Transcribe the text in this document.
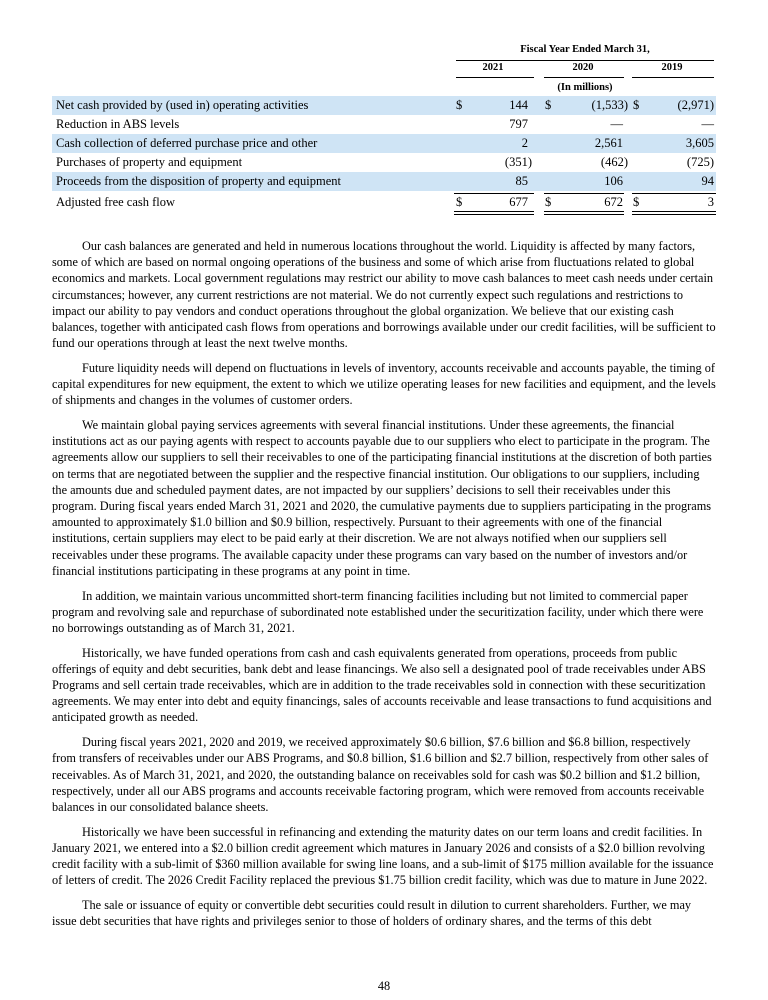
Fiscal Year Ended March 31,
2021	2020	2019
(In millions)
Net cash provided by (used in) operating activities	$	144 $	(1,533) $	(2,971)
Reduction in ABS levels	797	—	—
Cash collection of deferred purchase price and other	2	2,561	3,605
Purchases of property and equipment	(351)	(462)	(725)
Proceeds from the disposition of property and equipment	85	106	94
Adjusted free cash flow	$	677 $	672 $	3

Our cash balances are generated and held in numerous locations throughout the world. Liquidity is affected by many factors, some of which are based on normal ongoing operations of the business and some of which arise from fluctuations related to global economics and markets. Local government regulations may restrict our ability to move cash balances to meet cash needs under certain circumstances; however, any current restrictions are not material. We do not currently expect such regulations and restrictions to impact our ability to pay vendors and conduct operations throughout the global organization. We believe that our existing cash balances, together with anticipated cash flows from operations and borrowings available under our credit facilities, will be sufficient to fund our operations through at least the next twelve months.

Future liquidity needs will depend on fluctuations in levels of inventory, accounts receivable and accounts payable, the timing of capital expenditures for new equipment, the extent to which we utilize operating leases for new facilities and equipment, and the levels of shipments and changes in the volumes of customer orders.

We maintain global paying services agreements with several financial institutions. Under these agreements, the financial institutions act as our paying agents with respect to accounts payable due to our suppliers who elect to participate in the program. The agreements allow our suppliers to sell their receivables to one of the participating financial institutions at the discretion of both parties on terms that are negotiated between the supplier and the respective financial institution. Our obligations to our suppliers, including the amounts due and scheduled payment dates, are not impacted by our suppliers’ decisions to sell their receivables under this program. During fiscal years ended March 31, 2021 and 2020, the cumulative payments due to suppliers participating in the programs amounted to approximately $1.0 billion and $0.9 billion, respectively. Pursuant to their agreements with one of the financial institutions, certain suppliers may elect to be paid early at their discretion. We are not always notified when our suppliers sell receivables under these programs. The available capacity under these programs can vary based on the number of investors and/or financial institutions participating in these programs at any point in time.

In addition, we maintain various uncommitted short-term financing facilities including but not limited to commercial paper program and revolving sale and repurchase of subordinated note established under the securitization facility, under which there were no borrowings outstanding as of March 31, 2021.

Historically, we have funded operations from cash and cash equivalents generated from operations, proceeds from public offerings of equity and debt securities, bank debt and lease financings. We also sell a designated pool of trade receivables under ABS Programs and sell certain trade receivables, which are in addition to the trade receivables sold in connection with these securitization agreements. We may enter into debt and equity financings, sales of accounts receivable and lease transactions to fund acquisitions and anticipated growth as needed.

During fiscal years 2021, 2020 and 2019, we received approximately $0.6 billion, $7.6 billion and $6.8 billion, respectively from transfers of receivables under our ABS Programs, and $0.8 billion, $1.6 billion and $2.7 billion, respectively from other sales of receivables. As of March 31, 2021, and 2020, the outstanding balance on receivables sold for cash was $0.2 billion and $1.2 billion, respectively, under all our ABS programs and accounts receivable factoring program, which were removed from accounts receivable balances in our consolidated balance sheets.

Historically we have been successful in refinancing and extending the maturity dates on our term loans and credit facilities. In January 2021, we entered into a $2.0 billion credit agreement which matures in January 2026 and consists of a $2.0 billion revolving credit facility with a sub-limit of $360 million available for swing line loans, and a sub-limit of $175 million available for the issuance of letters of credit. The 2026 Credit Facility replaced the previous $1.75 billion credit facility, which was due to mature in June 2022.

The sale or issuance of equity or convertible debt securities could result in dilution to current shareholders. Further, we may issue debt securities that have rights and privileges senior to those of holders of ordinary shares, and the terms of this debt

48
